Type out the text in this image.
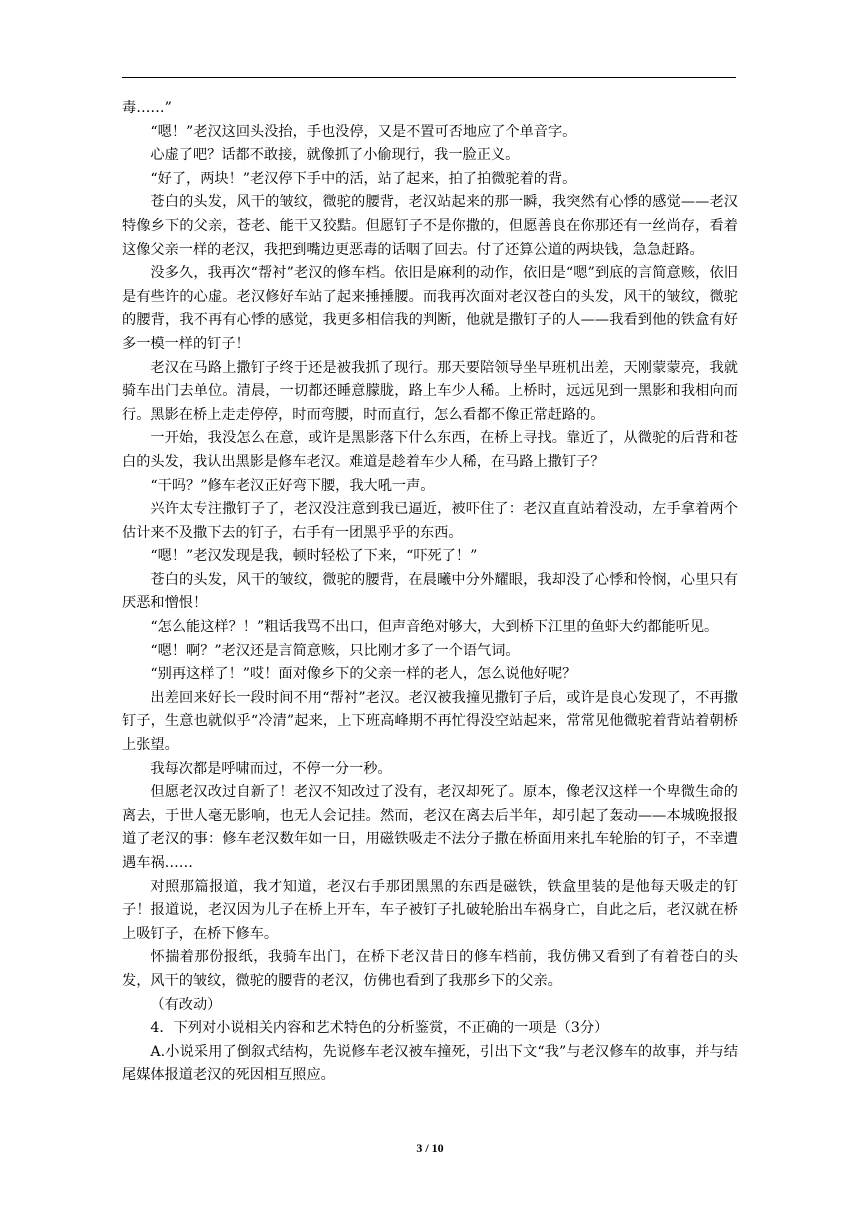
毒……”

“嗯！”老汉这回头没抬，手也没停，又是不置可否地应了个单音字。

心虚了吧？话都不敢接，就像抓了小偷现行，我一脸正义。

“好了，两块！”老汉停下手中的活，站了起来，拍了拍微驼着的背。

苍白的头发，风干的皱纹，微驼的腰背，老汉站起来的那一瞬，我突然有心悸的感觉——老汉特像乡下的父亲，苍老、能干又狡黠。但愿钉子不是你撒的，但愿善良在你那还有一丝尚存，看着这像父亲一样的老汉，我把到嘴边更恶毒的话咽了回去。付了还算公道的两块钱，急急赶路。

没多久，我再次“帮衬”老汉的修车档。依旧是麻利的动作，依旧是“嗯”到底的言简意赅，依旧是有些许的心虚。老汉修好车站了起来捶捶腰。而我再次面对老汉苍白的头发，风干的皱纹，微驼的腰背，我不再有心悸的感觉，我更多相信我的判断，他就是撒钉子的人——我看到他的铁盒有好多一模一样的钉子！

老汉在马路上撒钉子终于还是被我抓了现行。那天要陪领导坐早班机出差，天刚蒙蒙亮，我就骑车出门去单位。清晨，一切都还睡意朦胧，路上车少人稀。上桥时，远远见到一黑影和我相向而行。黑影在桥上走走停停，时而弯腰，时而直行，怎么看都不像正常赶路的。

一开始，我没怎么在意，或许是黑影落下什么东西，在桥上寻找。靠近了，从微驼的后背和苍白的头发，我认出黑影是修车老汉。难道是趁着车少人稀，在马路上撒钉子？

“干吗？”修车老汉正好弯下腰，我大吼一声。

兴许太专注撒钉子了，老汉没注意到我已逼近，被吓住了：老汉直直站着没动，左手拿着两个估计来不及撒下去的钉子，右手有一团黑乎乎的东西。

“嗯！”老汉发现是我，顿时轻松了下来，“吓死了！”

苍白的头发，风干的皱纹，微驼的腰背，在晨曦中分外耀眼，我却没了心悸和怜悯，心里只有厌恶和憎恨！

“怎么能这样？！”粗话我骂不出口，但声音绝对够大，大到桥下江里的鱼虾大约都能听见。

“嗯！啊？”老汉还是言简意赅，只比刚才多了一个语气词。

“别再这样了！”哎！面对像乡下的父亲一样的老人，怎么说他好呢？

出差回来好长一段时间不用“帮衬”老汉。老汉被我撞见撒钉子后，或许是良心发现了，不再撒钉子，生意也就似乎“冷清”起来，上下班高峰期不再忙得没空站起来，常常见他微驼着背站着朝桥上张望。

我每次都是呼啸而过，不停一分一秒。

但愿老汉改过自新了！老汉不知改过了没有，老汉却死了。原本，像老汉这样一个卑微生命的离去，于世人毫无影响，也无人会记挂。然而，老汉在离去后半年，却引起了轰动——本城晚报报道了老汉的事：修车老汉数年如一日，用磁铁吸走不法分子撒在桥面用来扎车轮胎的钉子，不幸遭遇车祸……

对照那篇报道，我才知道，老汉右手那团黑黑的东西是磁铁，铁盒里装的是他每天吸走的钉子！报道说，老汉因为儿子在桥上开车，车子被钉子扎破轮胎出车祸身亡，自此之后，老汉就在桥上吸钉子，在桥下修车。

怀揣着那份报纸，我骑车出门，在桥下老汉昔日的修车档前，我仿佛又看到了有着苍白的头发，风干的皱纹，微驼的腰背的老汉，仿佛也看到了我那乡下的父亲。

（有改动）

4．下列对小说相关内容和艺术特色的分析鉴赏，不正确的一项是（3分）

A.小说采用了倒叙式结构，先说修车老汉被车撞死，引出下文“我”与老汉修车的故事，并与结尾媒体报道老汉的死因相互照应。

3 / 10
